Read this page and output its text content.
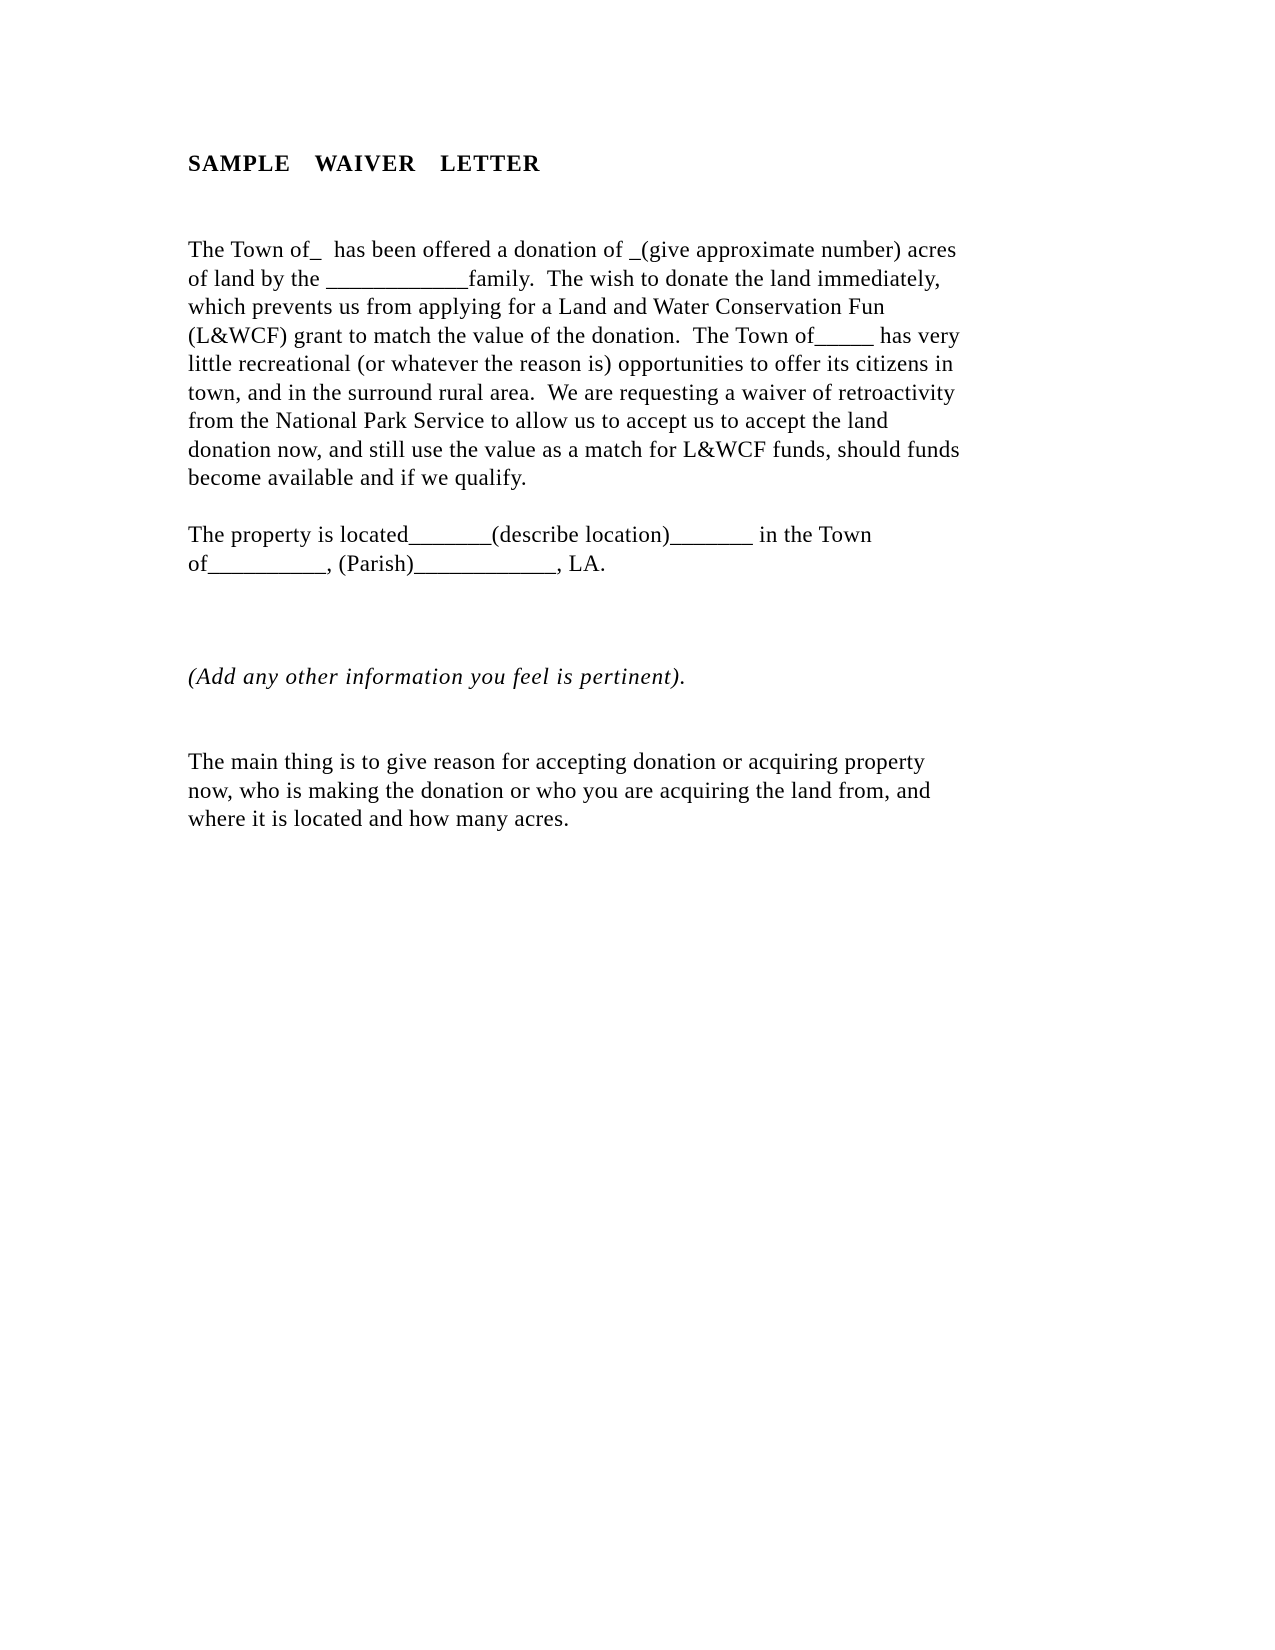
SAMPLE  WAIVER  LETTER
The Town of_  has been offered a donation of _(give approximate number) acres
of land by the ____________family.  The wish to donate the land immediately,
which prevents us from applying for a Land and Water Conservation Fun
(L&WCF) grant to match the value of the donation.  The Town of_____ has very
little recreational (or whatever the reason is) opportunities to offer its citizens in
town, and in the surround rural area.  We are requesting a waiver of retroactivity
from the National Park Service to allow us to accept us to accept the land
donation now, and still use the value as a match for L&WCF funds, should funds
become available and if we qualify.
The property is located_______(describe location)_______ in the Town
of__________, (Parish)____________, LA.
(Add any other information you feel is pertinent).
The main thing is to give reason for accepting donation or acquiring property
now, who is making the donation or who you are acquiring the land from, and
where it is located and how many acres.
